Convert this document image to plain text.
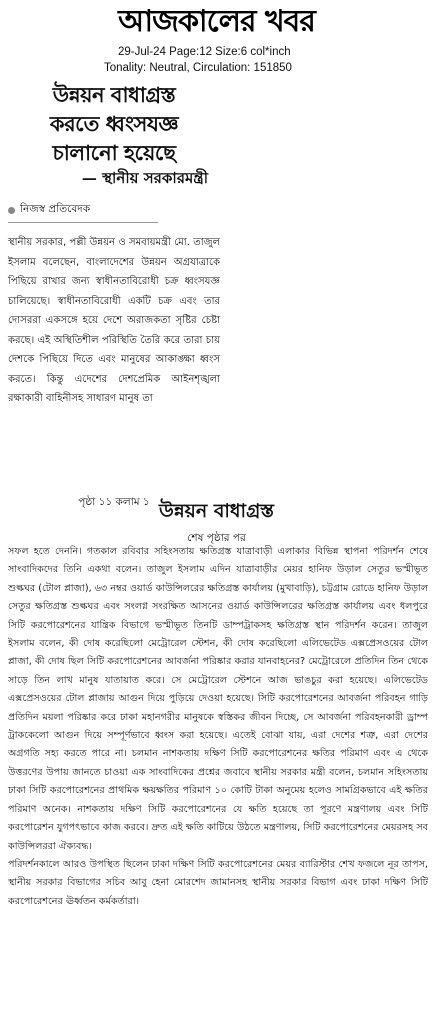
আজকালের খবর
29-Jul-24 Page:12 Size:6 col*inch
Tonality: Neutral, Circulation: 151850
উন্নয়ন বাধাগ্রস্ত
করতে ধ্বংসযজ্ঞ
চালানো হয়েছে
— স্থানীয় সরকারমন্ত্রী
নিজস্ব প্রতিবেদক
স্থানীয় সরকার, পল্লী উন্নয়ন ও সমবায়মন্ত্রী মো. তাজুল ইসলাম বলেছেন, বাংলাদেশের উন্নয়ন অগ্রযাত্রাকে পিছিয়ে রাখার জন্য স্বাধীনতাবিরোধী চক্র ধ্বংসযজ্ঞ চালিয়েছে। স্বাধীনতাবিরোধী একটি চক্র এবং তার দোসররা একসঙ্গে হয়ে দেশে অরাজকতা সৃষ্টির চেষ্টা করছে। এই অস্থিতিশীল পরিস্থিতি তৈরি করে তারা চায় দেশকে পিছিয়ে দিতে এবং মানুষের আকাঙ্ক্ষা ধ্বংস করতে। কিন্তু এদেশের দেশপ্রেমিক আইনশৃঙ্খলা রক্ষাকারী বাহিনীসহ সাধারণ মানুষ তা
পৃষ্ঠা ১১ কলাম ১ উন্নয়ন বাধাগ্রস্ত
শেষ পৃষ্ঠার পর

সফল হতে দেননি। গতকাল রবিবার সহিংসতায় ক্ষতিগ্রস্ত যাত্রাবাড়ী এলাকার বিভিন্ন স্থাপনা পরিদর্শন শেষে সাংবাদিকদের তিনি একথা বলেন। তাজুল ইসলাম এদিন যাত্রাবাড়ীর মেয়র হানিফ উড়াল সেতুর ভস্মীভূত শুল্কঘর (টোল প্লাজা), ৬৩ নম্বর ওয়ার্ড কাউন্সিলরের ক্ষতিগ্রস্ত কার্যালয় (মুখাবাড়ি), চট্টগ্রাম রোডে হানিফ উড়াল সেতুর ক্ষতিগ্রস্ত শুল্কঘর এবং সংলগ্ন সংরক্ষিত আসনের ওয়ার্ড কাউন্সিলরের ক্ষতিগ্রস্ত কার্যালয় এবং ধলপুরে সিটি করপোরেশনের যান্ত্রিক বিভাগে ভস্মীভূত তিনটি ডাম্পট্রাকসহ ক্ষতিগ্রস্ত স্থান পরিদর্শন করেন। তাজুল ইসলাম বলেন, কী দোষ করেছিলো মেট্রোরেল স্টেশন, কী দোষ করেছিলো এলিভেটেড এক্সপ্রেসওয়ের টোল প্লাজা, কী দোষ ছিল সিটি করপোরেশনের আবর্জনা পরিষ্কার করার যানবাহনের? মেট্রোরেলে প্রতিদিন তিন থেকে সাড়ে তিন লাখ মানুষ যাতায়াত করে। সে মেট্রোরেল স্টেশনে আজ ভাঙচুর করা হয়েছে। এলিভেটেড এক্সপ্রেসওয়ের টোল প্লাজায় আগুন দিয়ে পুড়িয়ে দেওয়া হয়েছে। সিটি করপোরেশনের আবর্জনা পরিবহন গাড়ি প্রতিদিন ময়লা পরিষ্কার করে ঢাকা মহানগরীর মানুষকে স্বস্তিকর জীবন দিচ্ছে, সে আবর্জনা পরিবহনকারী ড্রাম্প ট্রাককেলো আগুন দিয়ে সম্পূর্ণভাবে ধ্বংস করা হয়েছে। এতেই বোঝা যায়, এরা দেশের শত্রু, এরা দেশের অগ্রগতি সহ্য করতে পারে না। চলমান নাশকতায় দক্ষিণ সিটি করপোরেশনের ক্ষতির পরিমাণ এবং এ থেকে উত্তরণের উপায় জানতে চাওয়া এক সাংবাদিকের প্রশ্নের জবাবে স্থানীয় সরকার মন্ত্রী বলেন, চলমান সহিংসতায় ঢাকা সিটি করপোরেশনের প্রাথমিক ক্ষয়ক্ষতির পরিমাণ ১০ কোটি টাকা অনুমেয় হলেও সামগ্রিকভাবে এই ক্ষতির পরিমাণ অনেক। নাশকতায় দক্ষিণ সিটি করপোরেশনের যে ক্ষতি হয়েছে তা পূরণে মন্ত্রণালয় এবং সিটি করপোরেশন যুগপৎভাবে কাজ করবে। দ্রুত এই ক্ষতি কাটিয়ে উঠতে মন্ত্রণালয়, সিটি করপোরেশনের মেয়রসহ সব কাউন্সিলররা ঐক্যবদ্ধ।

পরিদর্শনকালে আরও উপস্থিত ছিলেন ঢাকা দক্ষিণ সিটি করপোরেশনের মেয়র ব্যারিস্টার শেখ ফজলে নূর তাপস, স্থানীয় সরকার বিভাগের সচিব আবু হেনা মোরশেদ জামানসহ স্থানীয় সরকার বিভাগ এবং ঢাকা দক্ষিণ সিটি করপোরেশনের ঊর্ধ্বতন কর্মকর্তারা।
